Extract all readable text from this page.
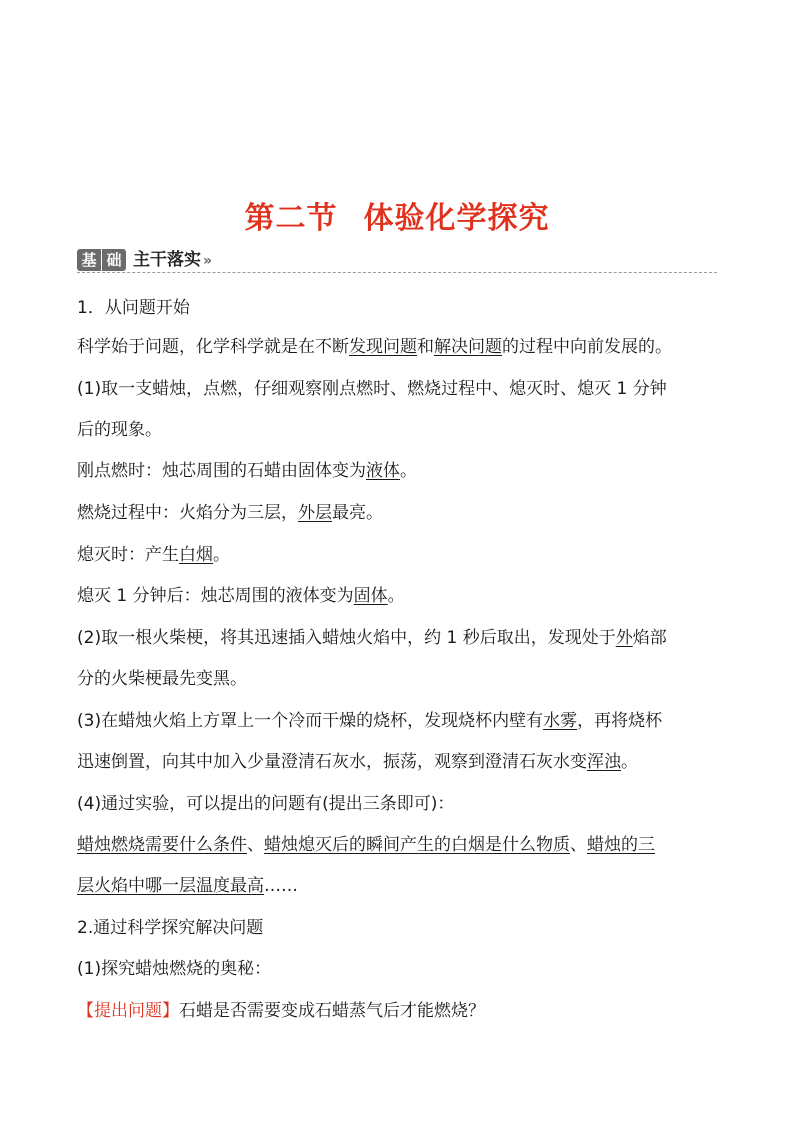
第二节 体验化学探究
基 础 主干落实 »
1．从问题开始
科学始于问题，化学科学就是在不断发现问题和解决问题的过程中向前发展的。
(1)取一支蜡烛，点燃，仔细观察刚点燃时、燃烧过程中、熄灭时、熄灭 1 分钟
后的现象。
刚点燃时：烛芯周围的石蜡由固体变为液体。
燃烧过程中：火焰分为三层，外层最亮。
熄灭时：产生白烟。
熄灭 1 分钟后：烛芯周围的液体变为固体。
(2)取一根火柴梗，将其迅速插入蜡烛火焰中，约 1 秒后取出，发现处于外焰部
分的火柴梗最先变黑。
(3)在蜡烛火焰上方罩上一个冷而干燥的烧杯，发现烧杯内壁有水雾，再将烧杯
迅速倒置，向其中加入少量澄清石灰水，振荡，观察到澄清石灰水变浑浊。
(4)通过实验，可以提出的问题有(提出三条即可)：
蜡烛燃烧需要什么条件、蜡烛熄灭后的瞬间产生的白烟是什么物质、蜡烛的三
层火焰中哪一层温度最高……
2.通过科学探究解决问题
(1)探究蜡烛燃烧的奥秘：
【提出问题】石蜡是否需要变成石蜡蒸气后才能燃烧？
